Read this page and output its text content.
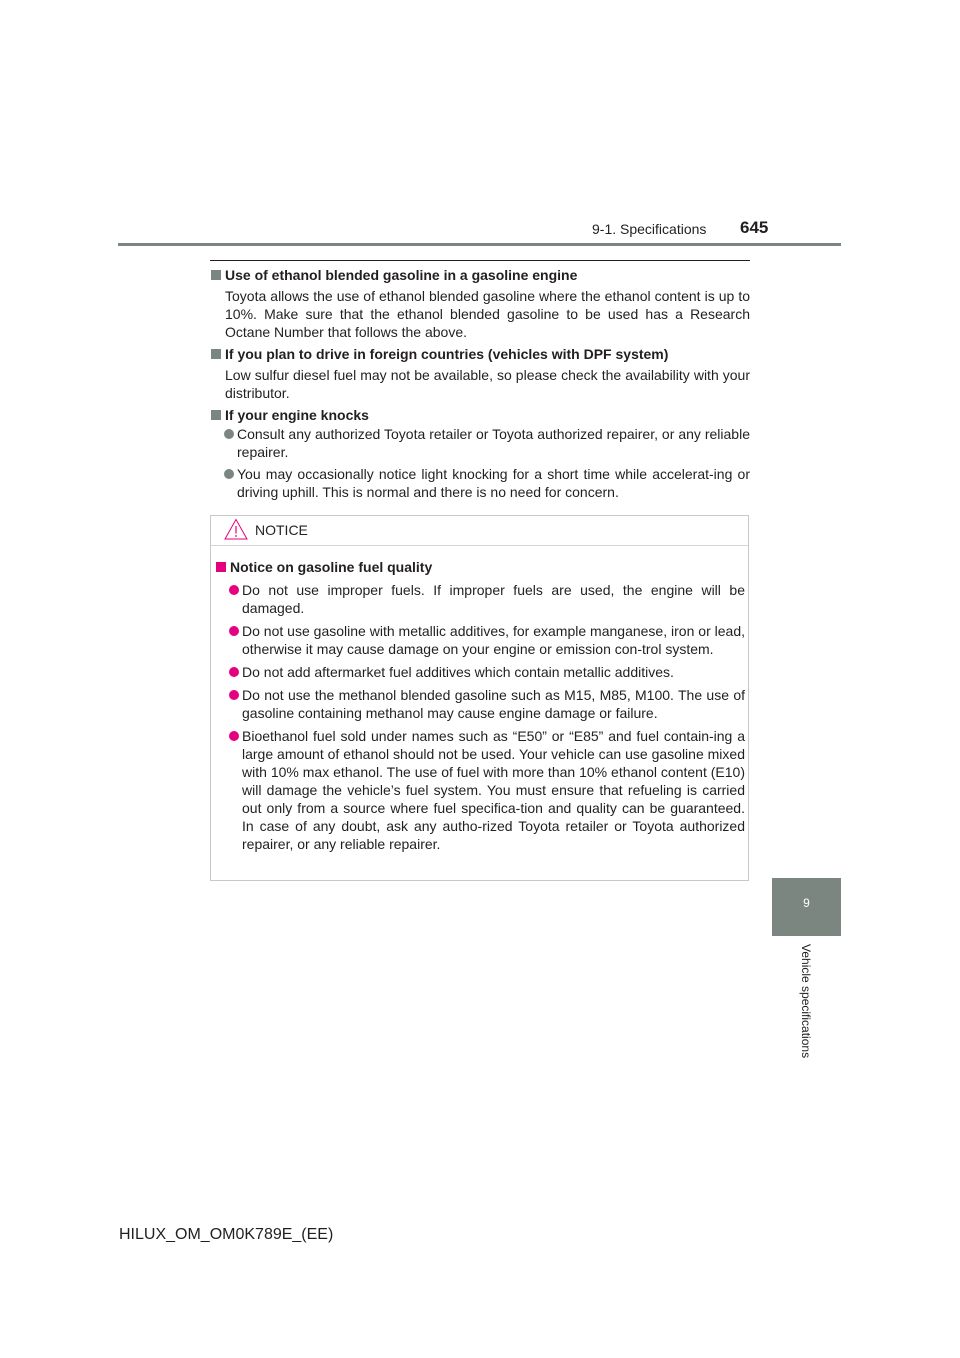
9-1. Specifications 645

Use of ethanol blended gasoline in a gasoline engine

Toyota allows the use of ethanol blended gasoline where the ethanol content is up to 10%. Make sure that the ethanol blended gasoline to be used has a Research Octane Number that follows the above.

If you plan to drive in foreign countries (vehicles with DPF system)

Low sulfur diesel fuel may not be available, so please check the availability with your distributor.

If your engine knocks

Consult any authorized Toyota retailer or Toyota authorized repairer, or any reliable repairer.
You may occasionally notice light knocking for a short time while accelerat-ing or driving uphill. This is normal and there is no need for concern.
NOTICE

Notice on gasoline fuel quality

Do not use improper fuels. If improper fuels are used, the engine will be damaged.
Do not use gasoline with metallic additives, for example manganese, iron or lead, otherwise it may cause damage on your engine or emission con-trol system.
Do not add aftermarket fuel additives which contain metallic additives.
Do not use the methanol blended gasoline such as M15, M85, M100. The use of gasoline containing methanol may cause engine damage or failure.
Bioethanol fuel sold under names such as “E50” or “E85” and fuel contain-ing a large amount of ethanol should not be used. Your vehicle can use gasoline mixed with 10% max ethanol. The use of fuel with more than 10% ethanol content (E10) will damage the vehicle’s fuel system. You must ensure that refueling is carried out only from a source where fuel specifica-tion and quality can be guaranteed. In case of any doubt, ask any autho-rized Toyota retailer or Toyota authorized repairer, or any reliable repairer.
9
Vehicle specifications
HILUX_OM_OM0K789E_(EE)
